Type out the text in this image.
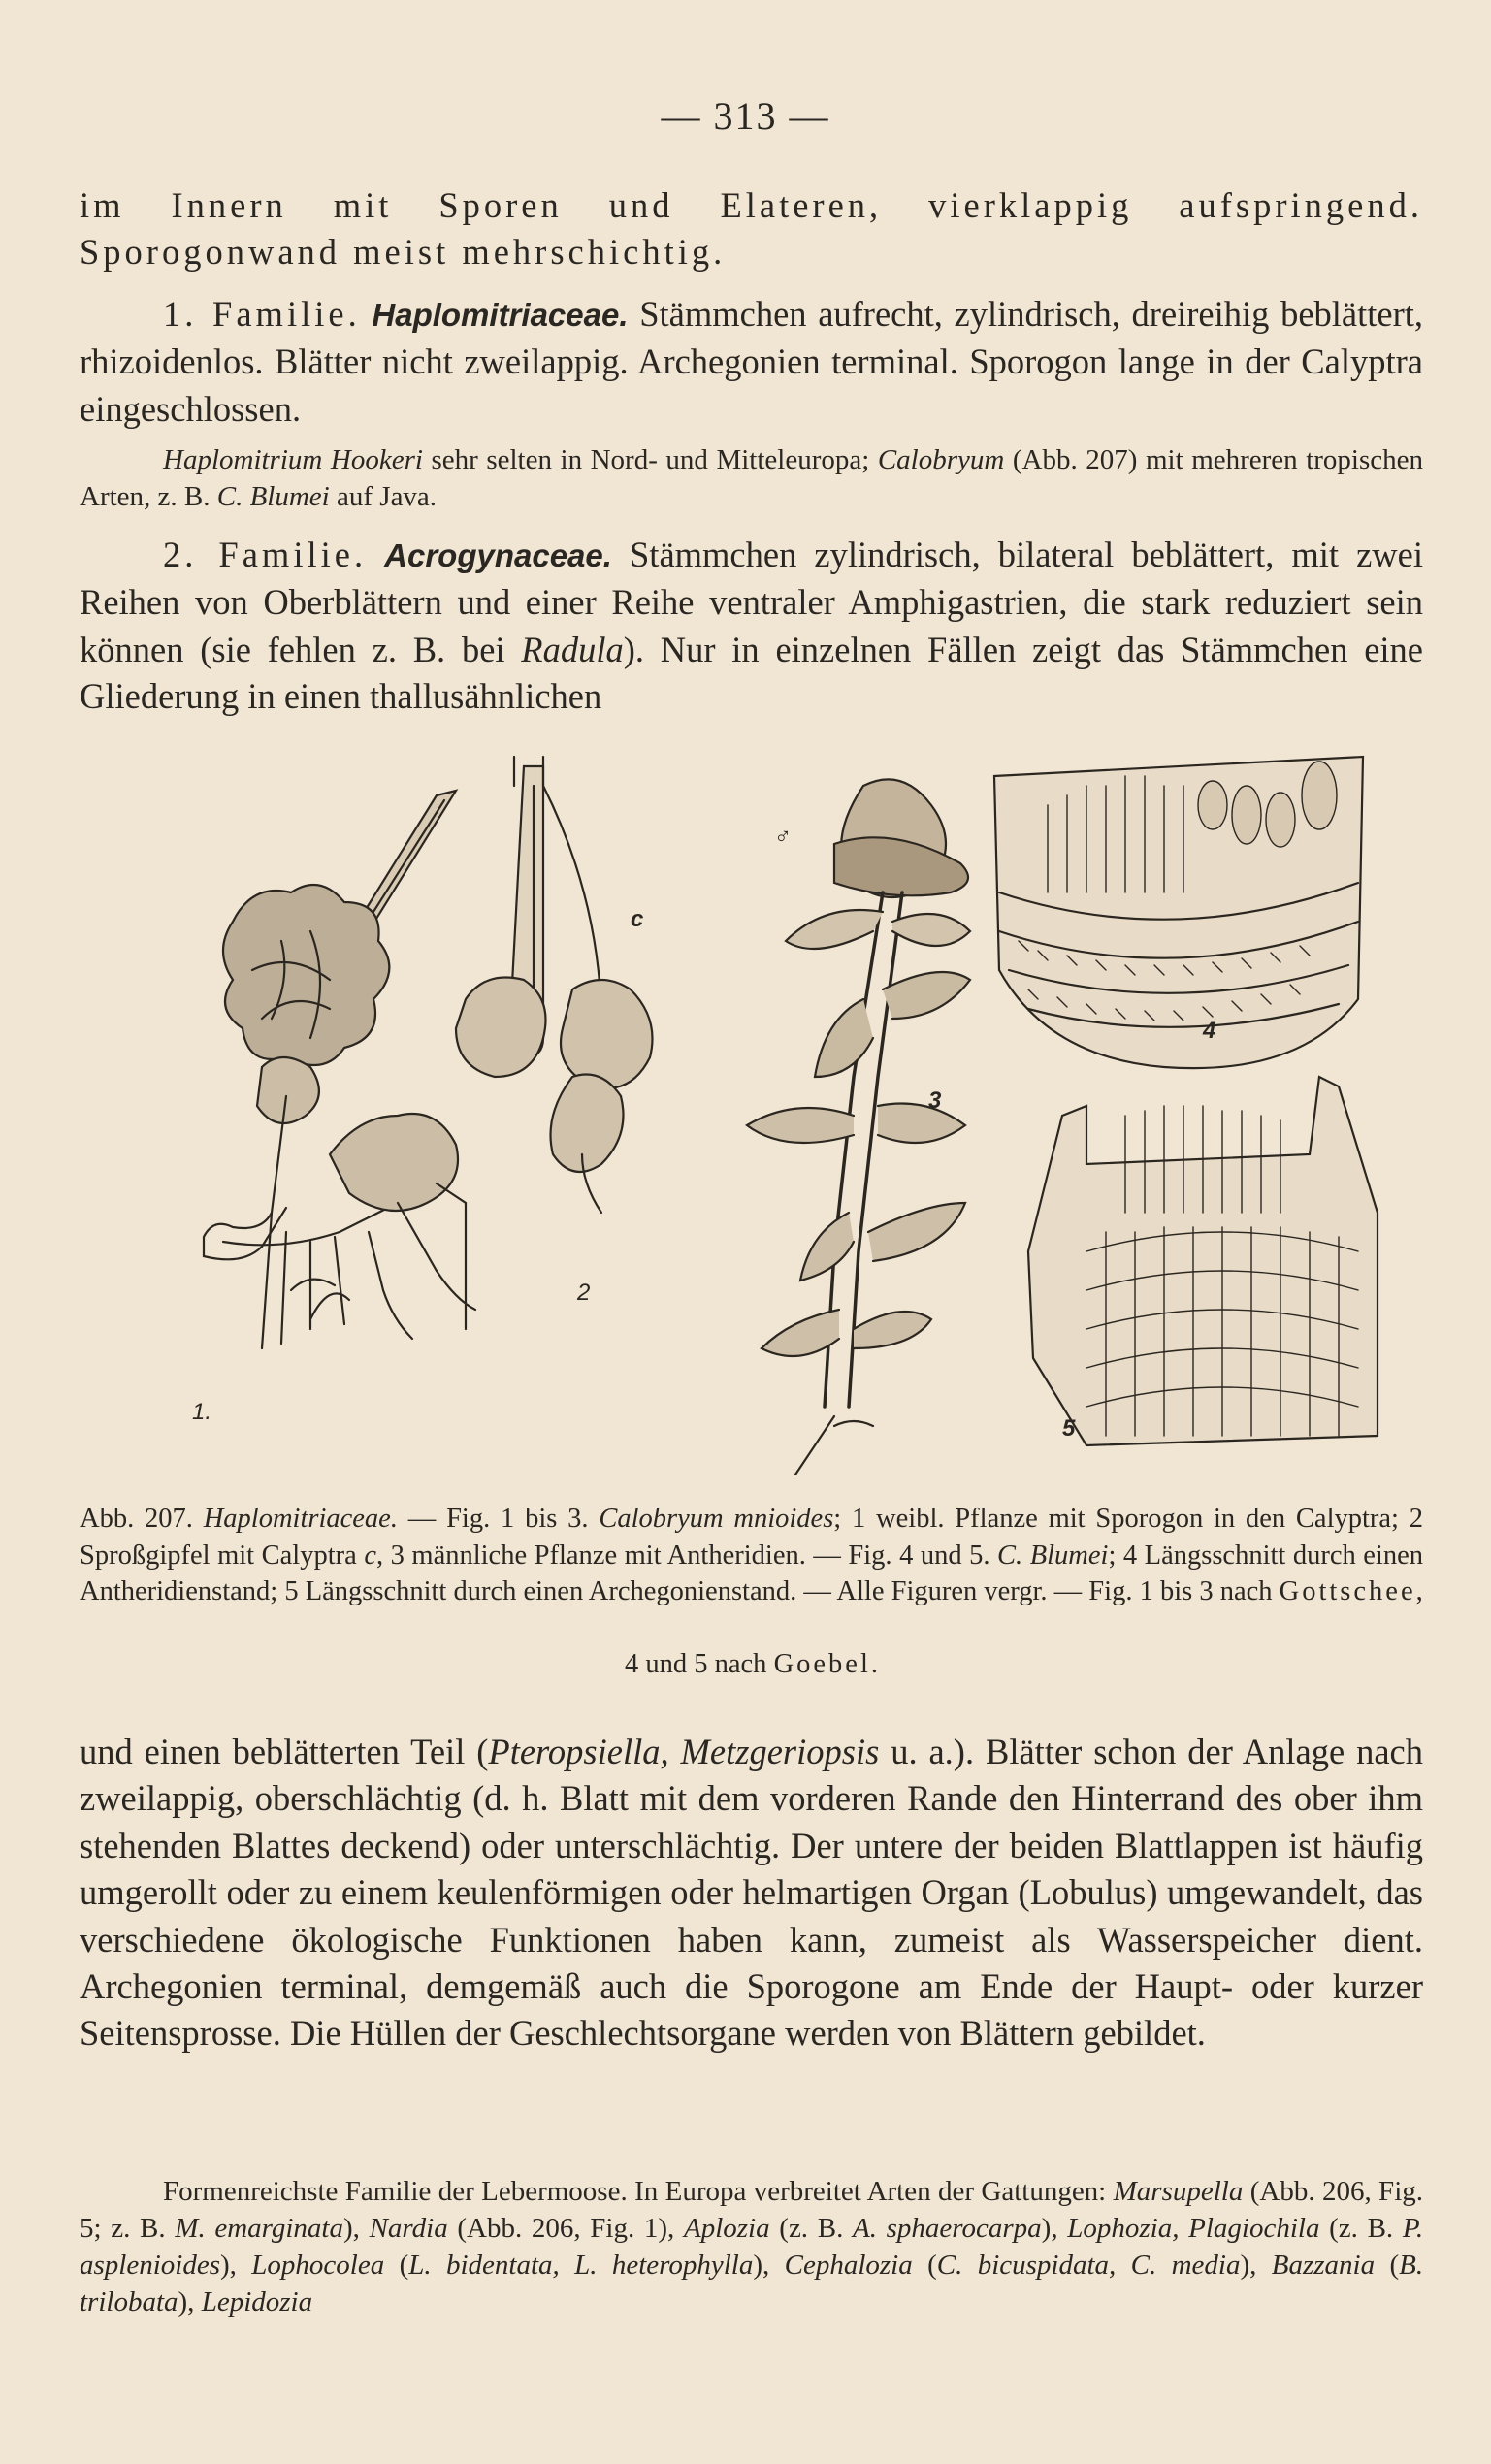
— 313 —
im Innern mit Sporen und Elateren, vierklappig aufspringend. Sporogonwand meist mehrschichtig.
1. Familie. Haplomitriaceae. Stämmchen aufrecht, zylindrisch, dreireihig beblättert, rhizoidenlos. Blätter nicht zweilappig. Archegonien terminal. Sporogon lange in der Calyptra eingeschlossen.
Haplomitrium Hookeri sehr selten in Nord- und Mitteleuropa; Calobryum (Abb. 207) mit mehreren tropischen Arten, z. B. C. Blumei auf Java.
2. Familie. Acrogynaceae. Stämmchen zylindrisch, bilateral beblättert, mit zwei Reihen von Oberblättern und einer Reihe ventraler Amphigastrien, die stark reduziert sein können (sie fehlen z. B. bei Radula). Nur in einzelnen Fällen zeigt das Stämmchen eine Gliederung in einen thallusähnlichen
1.
2
c
♂
3
4
5
Abb. 207. Haplomitriaceae. — Fig. 1 bis 3. Calobryum mnioides; 1 weibl. Pflanze mit Sporogon in den Calyptra; 2 Sproßgipfel mit Calyptra c, 3 männliche Pflanze mit Antheridien. — Fig. 4 und 5. C. Blumei; 4 Längsschnitt durch einen Antheridienstand; 5 Längsschnitt durch einen Archegonienstand. — Alle Figuren vergr. — Fig. 1 bis 3 nach Gottschee,
4 und 5 nach Goebel.
und einen beblätterten Teil (Pteropsiella, Metzgeriopsis u. a.). Blätter schon der Anlage nach zweilappig, oberschlächtig (d. h. Blatt mit dem vorderen Rande den Hinterrand des ober ihm stehenden Blattes deckend) oder unterschlächtig. Der untere der beiden Blattlappen ist häufig umgerollt oder zu einem keulenförmigen oder helmartigen Organ (Lobulus) umgewandelt, das verschiedene ökologische Funktionen haben kann, zumeist als Wasserspeicher dient. Archegonien terminal, demgemäß auch die Sporogone am Ende der Haupt- oder kurzer Seitensprosse. Die Hüllen der Geschlechtsorgane werden von Blättern gebildet.
Formenreichste Familie der Lebermoose. In Europa verbreitet Arten der Gattungen: Marsupella (Abb. 206, Fig. 5; z. B. M. emarginata), Nardia (Abb. 206, Fig. 1), Aplozia (z. B. A. sphaerocarpa), Lophozia, Plagiochila (z. B. P. asplenioides), Lophocolea (L. bidentata, L. heterophylla), Cephalozia (C. bicuspidata, C. media), Bazzania (B. trilobata), Lepidozia
